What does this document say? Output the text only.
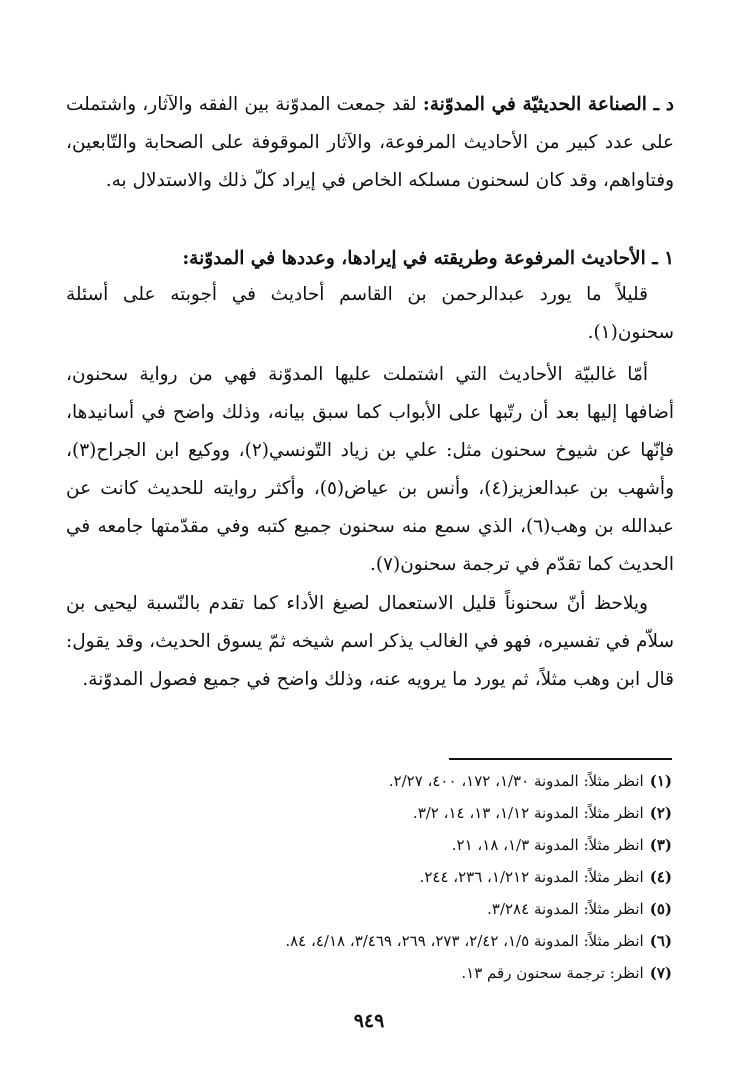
د ـ الصناعة الحديثيّة في المدوّنة: لقد جمعت المدوّنة بين الفقه والآثار، واشتملت على عدد كبير من الأحاديث المرفوعة، والآثار الموقوفة على الصحابة والتّابعين، وفتاواهم، وقد كان لسحنون مسلكه الخاص في إيراد كلّ ذلك والاستدلال به.

١ ـ الأحاديث المرفوعة وطريقته في إيرادها، وعددها في المدوّنة:

قليلاً ما يورد عبدالرحمن بن القاسم أحاديث في أجوبته على أسئلة سحنون(١).

أمّا غالبيّة الأحاديث التي اشتملت عليها المدوّنة فهي من رواية سحنون، أضافها إليها بعد أن رتّبها على الأبواب كما سبق بيانه، وذلك واضح في أسانيدها، فإنّها عن شيوخ سحنون مثل: علي بن زياد التّونسي(٢)، ووكيع ابن الجراح(٣)، وأشهب بن عبدالعزيز(٤)، وأنس بن عياض(٥)، وأكثر روايته للحديث كانت عن عبدالله بن وهب(٦)، الذي سمع منه سحنون جميع كتبه وفي مقدّمتها جامعه في الحديث كما تقدّم في ترجمة سحنون(٧).

ويلاحظ أنّ سحنوناً قليل الاستعمال لصيغ الأداء كما تقدم بالنّسبة ليحيى بن سلاّم في تفسيره، فهو في الغالب يذكر اسم شيخه ثمّ يسوق الحديث، وقد يقول: قال ابن وهب مثلاً، ثم يورد ما يرويه عنه، وذلك واضح في جميع فصول المدوّنة.

(١)انظر مثلاً: المدونة ١/٣٠، ١٧٢، ٤٠٠، ٢/٢٧.

(٢)انظر مثلاً: المدونة ١/١٢، ١٣، ١٤، ٣/٢.

(٣)انظر مثلاً: المدونة ١/٣، ١٨، ٢١.

(٤)انظر مثلاً: المدونة ١/٢١٢، ٢٣٦، ٢٤٤.

(٥)انظر مثلاً: المدونة ٣/٢٨٤.

(٦)انظر مثلاً: المدونة ١/٥، ٢/٤٢، ٢٧٣، ٢٦٩، ٣/٤٦٩، ٤/١٨، ٨٤.

(٧)انظر: ترجمة سحنون رقم ١٣.

٩٤٩
